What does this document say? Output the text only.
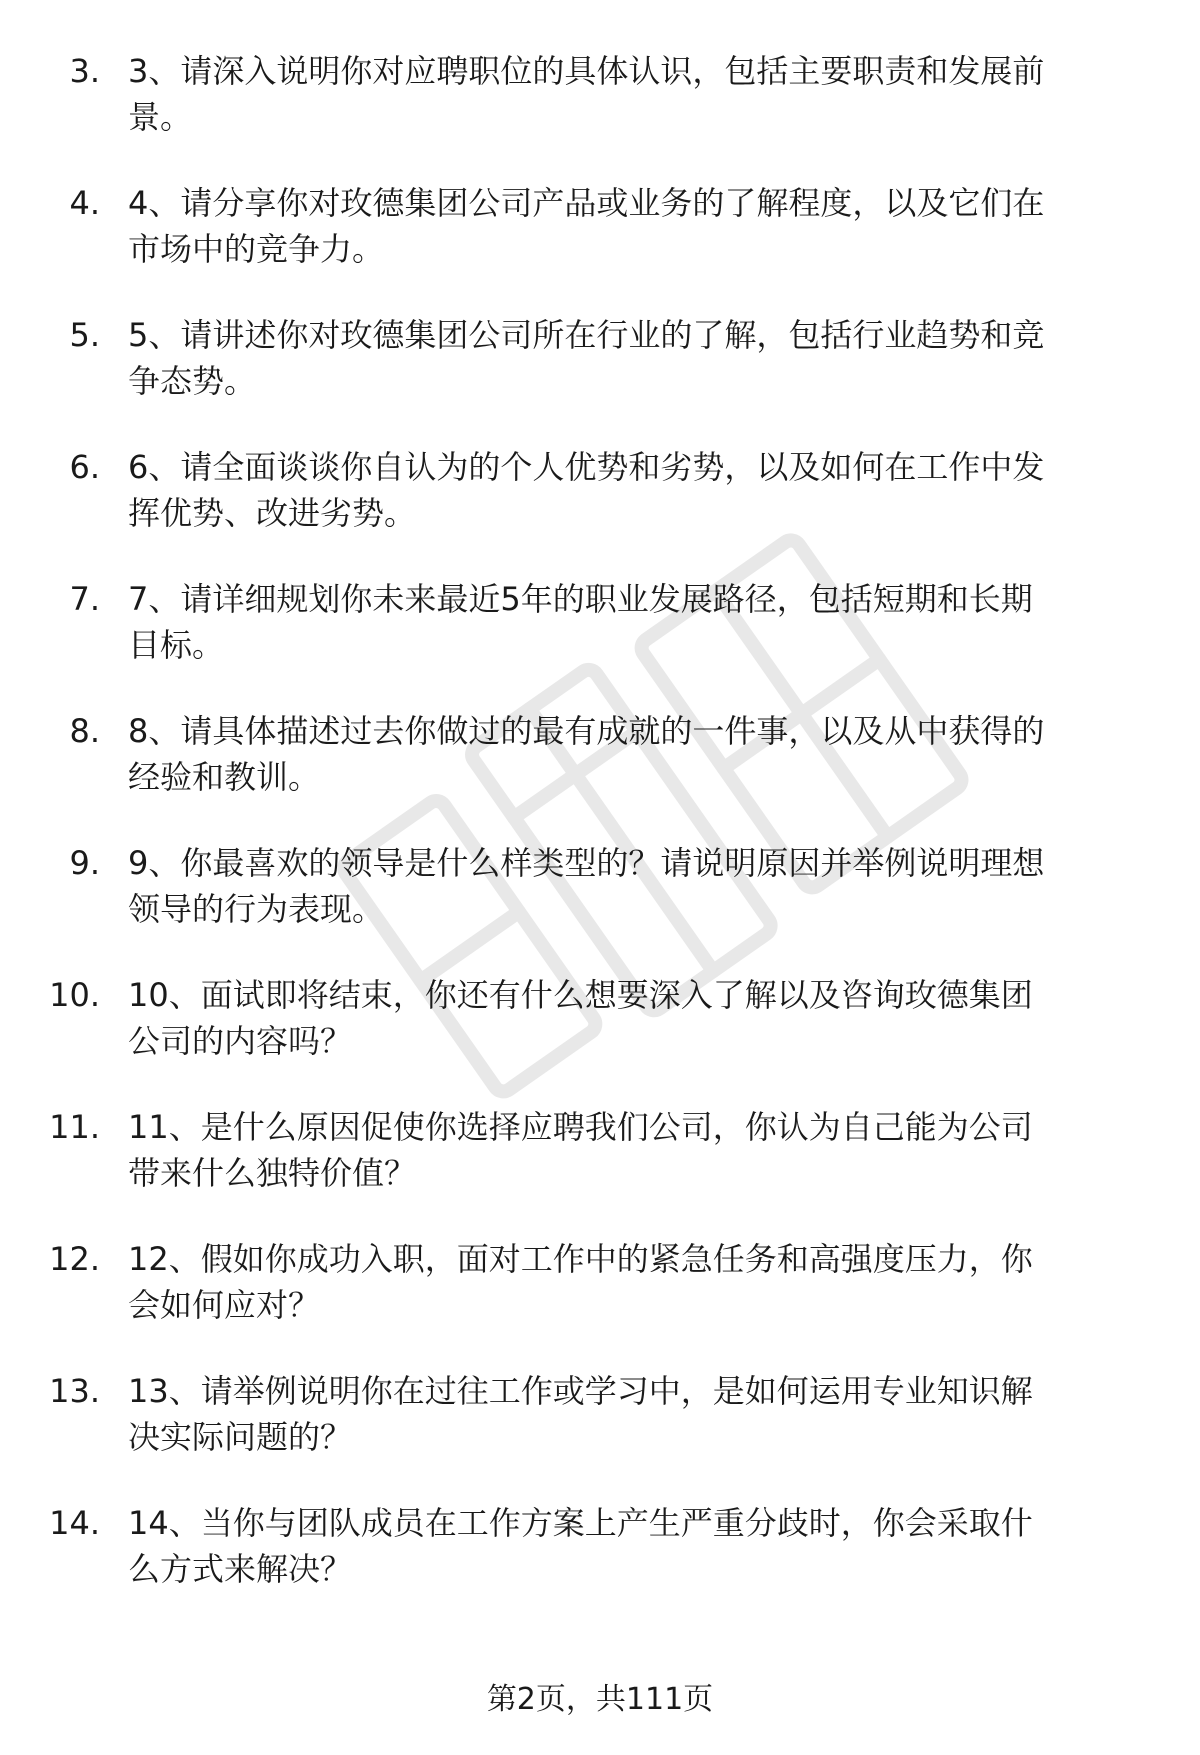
3. 3、请深入说明你对应聘职位的具体认识，包括主要职责和发展前景。
4. 4、请分享你对玫德集团公司产品或业务的了解程度，以及它们在市场中的竞争力。
5. 5、请讲述你对玫德集团公司所在行业的了解，包括行业趋势和竞争态势。
6. 6、请全面谈谈你自认为的个人优势和劣势，以及如何在工作中发挥优势、改进劣势。
7. 7、请详细规划你未来最近5年的职业发展路径，包括短期和长期目标。
8. 8、请具体描述过去你做过的最有成就的一件事，以及从中获得的经验和教训。
9. 9、你最喜欢的领导是什么样类型的？请说明原因并举例说明理想领导的行为表现。
10. 10、面试即将结束，你还有什么想要深入了解以及咨询玫德集团公司的内容吗？
11. 11、是什么原因促使你选择应聘我们公司，你认为自己能为公司带来什么独特价值？
12. 12、假如你成功入职，面对工作中的紧急任务和高强度压力，你会如何应对？
13. 13、请举例说明你在过往工作或学习中，是如何运用专业知识解决实际问题的？
14. 14、当你与团队成员在工作方案上产生严重分歧时，你会采取什么方式来解决？
第2页，共111页
